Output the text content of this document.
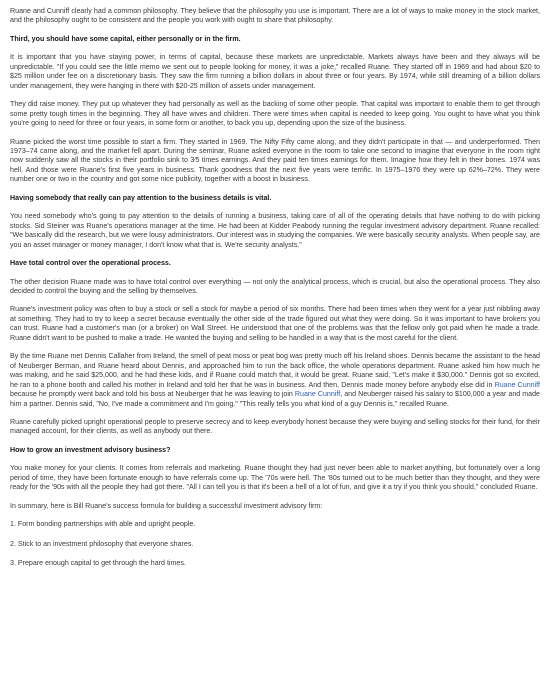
Ruane and Cunniff clearly had a common philosophy. They believe that the philosophy you use is important. There are a lot of ways to make money in the stock market, and the philosophy ought to be consistent and the people you work with ought to share that philosophy.

Third, you should have some capital, either personally or in the firm.

It is important that you have staying power, in terms of capital, because these markets are unpredictable. Markets always have been and they always will be unpredictable. "If you could see the little memo we sent out to people looking for money, it was a joke," recalled Ruane. They started off in 1969 and had about $20 to $25 million under fee on a discretionary basis. They saw the firm running a billion dollars in about three or four years. By 1974, while still dreaming of a billion dollars under management, they were hanging in there with $20-25 million of assets under management.

They did raise money. They put up whatever they had personally as well as the backing of some other people. That capital was important to enable them to get through some pretty tough times in the beginning. They all have wives and children. There were times when capital is needed to keep going. You ought to have what you think you're going to need for three or four years, in some form or another, to back you up, depending upon the size of the business.

Ruane picked the worst time possible to start a firm. They started in 1969. The Nifty Fifty came along, and they didn't participate in that — and underperformed. Then 1973–74 came along, and the market fell apart. During the seminar, Ruane asked everyone in the room to take one second to imagine that everyone in the room right now suddenly saw all the stocks in their portfolio sink to 3⁄5 times earnings. And they paid ten times earnings for them. Imagine how they felt in their bones. 1974 was hell. And those were Ruane's first five years in business. Thank goodness that the next five years were terrific. In 1975–1976 they were up 62%–72%. They were number one or two in the country and got some nice publicity, together with a boost in business.

Having somebody that really can pay attention to the business details is vital.

You need somebody who's going to pay attention to the details of running a business, taking care of all of the operating details that have nothing to do with picking stocks. Sid Steiner was Ruane's operations manager at the time. He had been at Kidder Peabody running the regular investment advisory department. Ruane recalled: "We basically did the research, but we were lousy administrators. Our interest was in studying the companies. We were basically security analysts. When people say, are you an asset manager or money manager, I don't know what that is. We're security analysts."

Have total control over the operational process.

The other decision Ruane made was to have total control over everything — not only the analytical process, which is crucial, but also the operational process. They also decided to control the buying and the selling by themselves.

Ruane's investment policy was often to buy a stock or sell a stock for maybe a period of six months. There had been times when they went for a year just nibbling away at something. They had to try to keep a secret because eventually the other side of the trade figured out what they were doing. So it was important to have brokers you can trust. Ruane had a customer's man (or a broker) on Wall Street. He understood that one of the problems was that the fellow only got paid when he made a trade. Ruane didn't want to be pushed to make a trade. He wanted the buying and selling to be handled in a way that is the most careful for the client.

By the time Ruane met Dennis Callaher from Ireland, the smell of peat moss or peat bog was pretty much off his Ireland shoes. Dennis became the assistant to the head of Neuberger Berman, and Ruane heard about Dennis, and approached him to run the back office, the whole operations department. Ruane asked him how much he was making, and he said $25,000, and he had these kids, and if Ruane could match that, it would be great. Ruane said, "Let's make it $30,000." Dennis got so excited, he ran to a phone booth and called his mother in Ireland and told her that he was in business. And then, Dennis made money before anybody else did in Ruane Cunniff because he promptly went back and told his boss at Neuberger that he was leaving to join Ruane Cunniff, and Neuberger raised his salary to $100,000 a year and made him a partner. Dennis said, "No, I've made a commitment and I'm going." "This really tells you what kind of a guy Dennis is," recalled Ruane.

Ruane carefully picked upright operational people to preserve secrecy and to keep everybody honest because they were buying and selling stocks for their fund, for their managed account, for their clients, as well as anybody out there.

How to grow an investment advisory business?

You make money for your clients. It comes from referrals and marketing. Ruane thought they had just never been able to market anything, but fortunately over a long period of time, they have been fortunate enough to have referrals come up. The '70s were hell. The '80s turned out to be much better than they thought, and they were ready for the '90s with all the people they had got there. "All I can tell you is that it's been a hell of a lot of fun, and give it a try if you think you should," concluded Ruane.

In summary, here is Bill Ruane's success formula for building a successful investment advisory firm:

1. Form bonding partnerships with able and upright people.

2. Stick to an investment philosophy that everyone shares.

3. Prepare enough capital to get through the hard times.
